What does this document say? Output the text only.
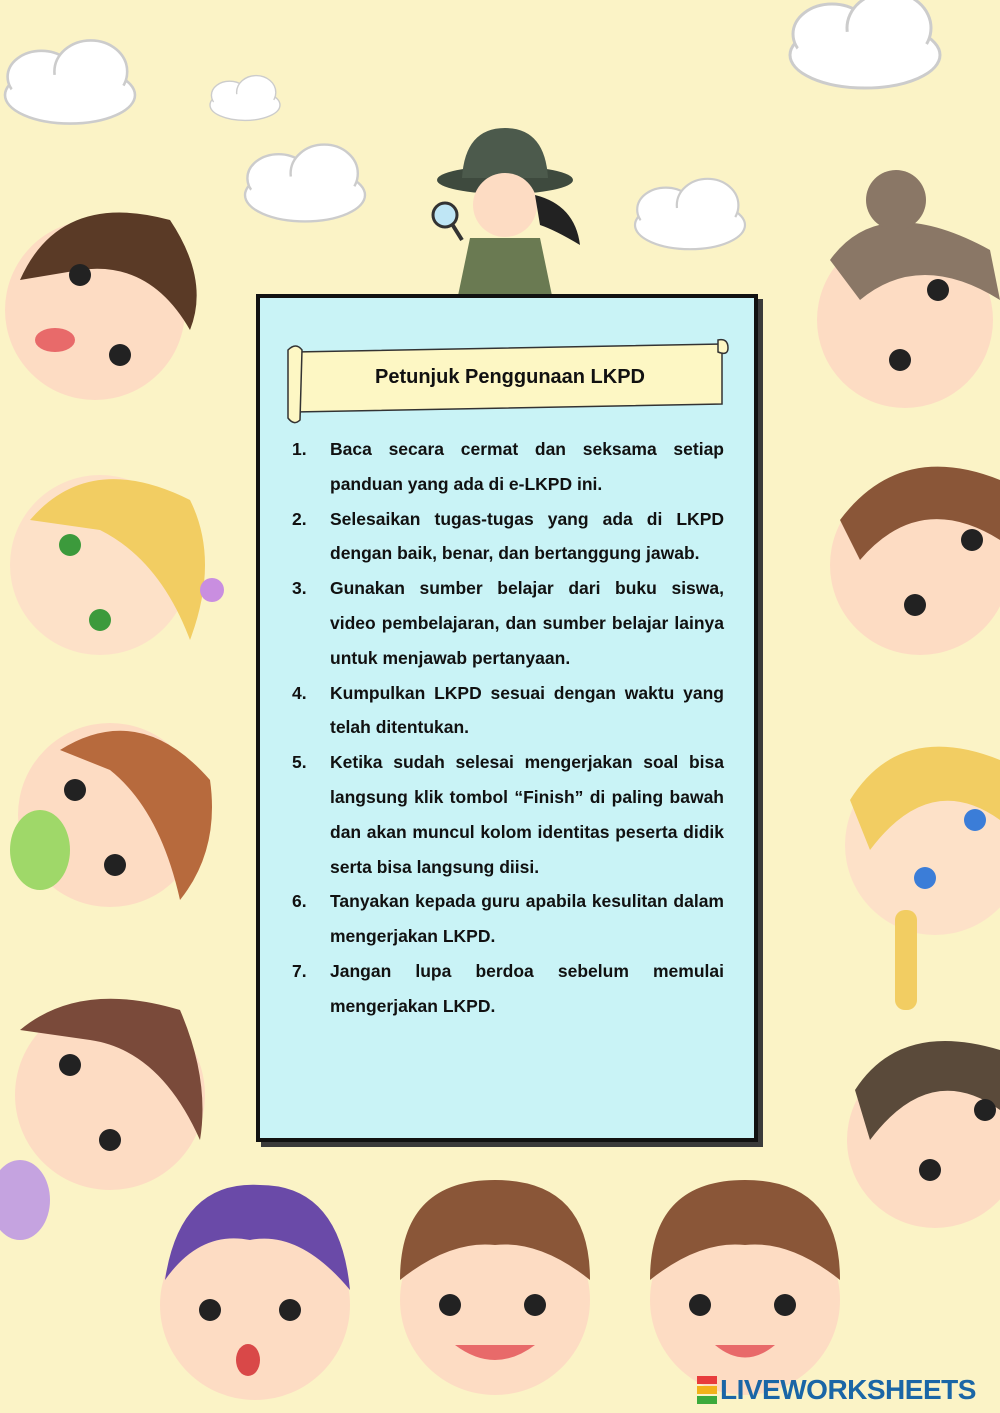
Petunjuk Penggunaan LKPD
1.	Baca secara cermat dan seksama setiap panduan yang ada di e-LKPD ini.
2.	Selesaikan tugas-tugas yang ada di LKPD dengan baik, benar, dan bertanggung jawab.
3.	Gunakan sumber belajar dari buku siswa, video pembelajaran, dan sumber belajar lainya untuk menjawab pertanyaan.
4.	Kumpulkan LKPD sesuai dengan waktu yang telah ditentukan.
5.	Ketika sudah selesai mengerjakan soal bisa langsung klik tombol “Finish” di paling bawah dan akan muncul kolom identitas peserta didik serta bisa langsung diisi.
6.	Tanyakan kepada guru apabila kesulitan dalam mengerjakan LKPD.
7.	Jangan lupa berdoa sebelum memulai mengerjakan LKPD.
LIVEWORKSHEETS
